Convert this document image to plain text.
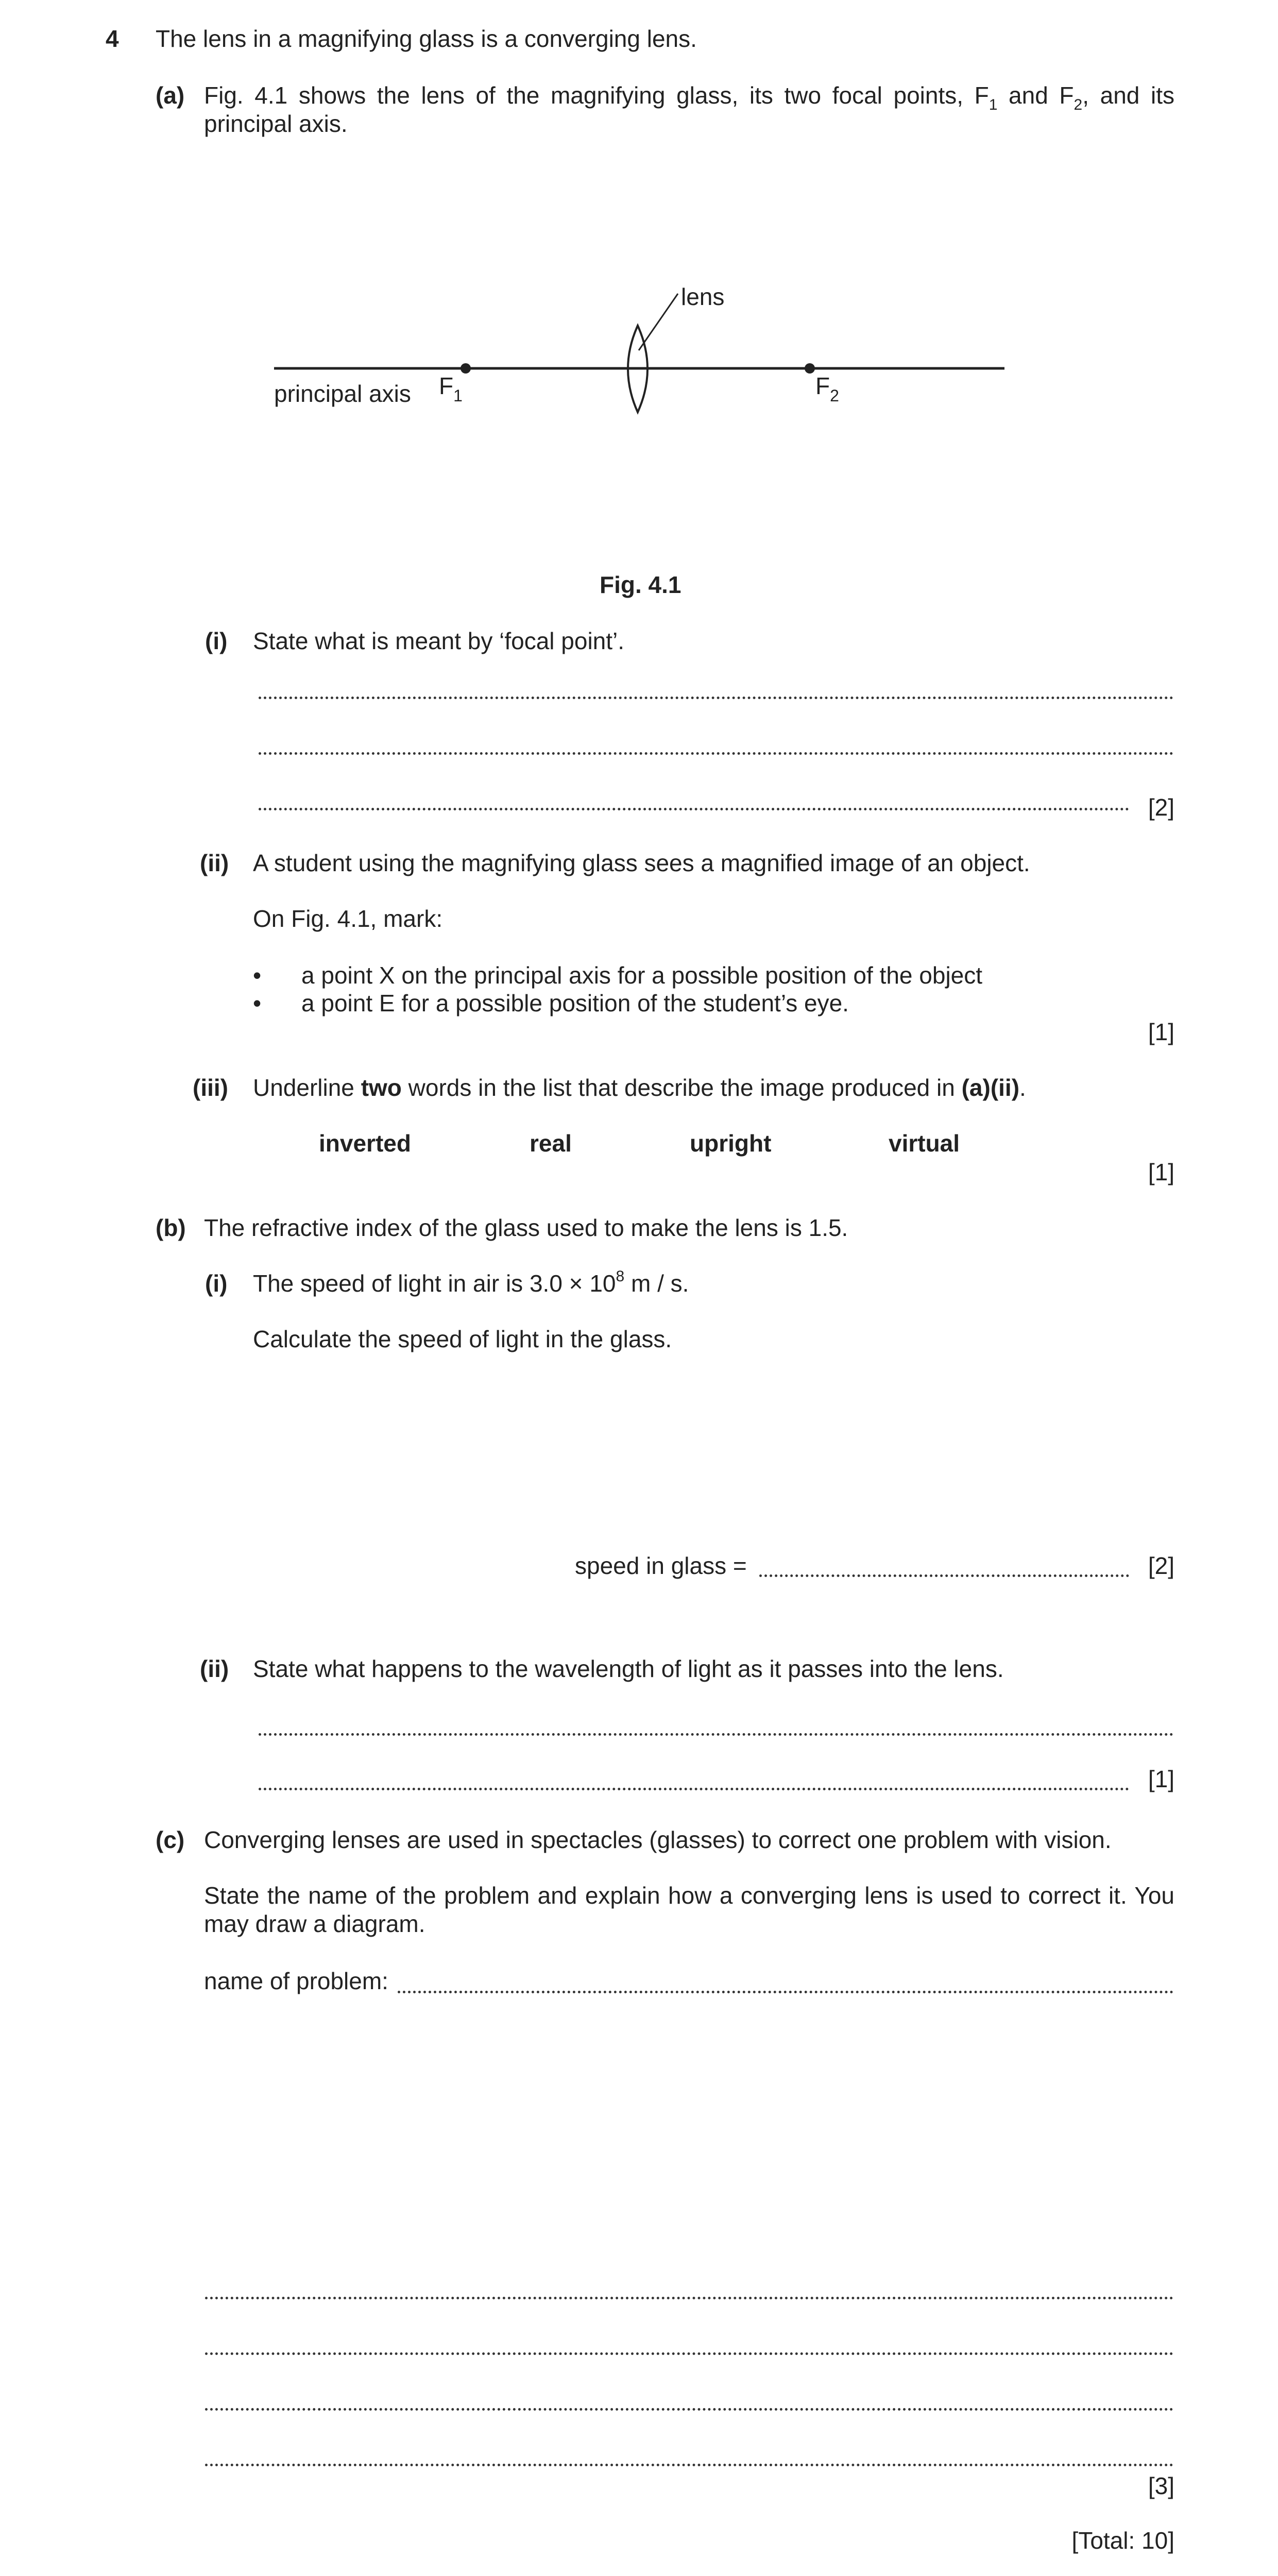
4 The lens in a magnifying glass is a converging lens.
(a) Fig. 4.1 shows the lens of the magnifying glass, its two focal points, $F_1$ and $F_2$, and its principal axis.
lens
principal axis $F_1$	$F_2$
Fig. 4.1
(i) State what is meant by ‘focal point’.
[2]
(ii) A student using the magnifying glass sees a magnified image of an object.
On Fig. 4.1, mark:
• a point X on the principal axis for a possible position of the object
• a point E for a possible position of the student’s eye.
[1]
(iii) Underline two words in the list that describe the image produced in (a)(ii).
inverted	real	upright	virtual
[1]
(b) The refractive index of the glass used to make the lens is 1.5.
(i) The speed of light in air is $3.0 \times 10^8$ m / s.
Calculate the speed of light in the glass.
speed in glass =	[2]
(ii) State what happens to the wavelength of light as it passes into the lens.
[1]
(c) Converging lenses are used in spectacles (glasses) to correct one problem with vision.
State the name of the problem and explain how a converging lens is used to correct it. You may draw a diagram.
name of problem:
[3]
[Total: 10]
